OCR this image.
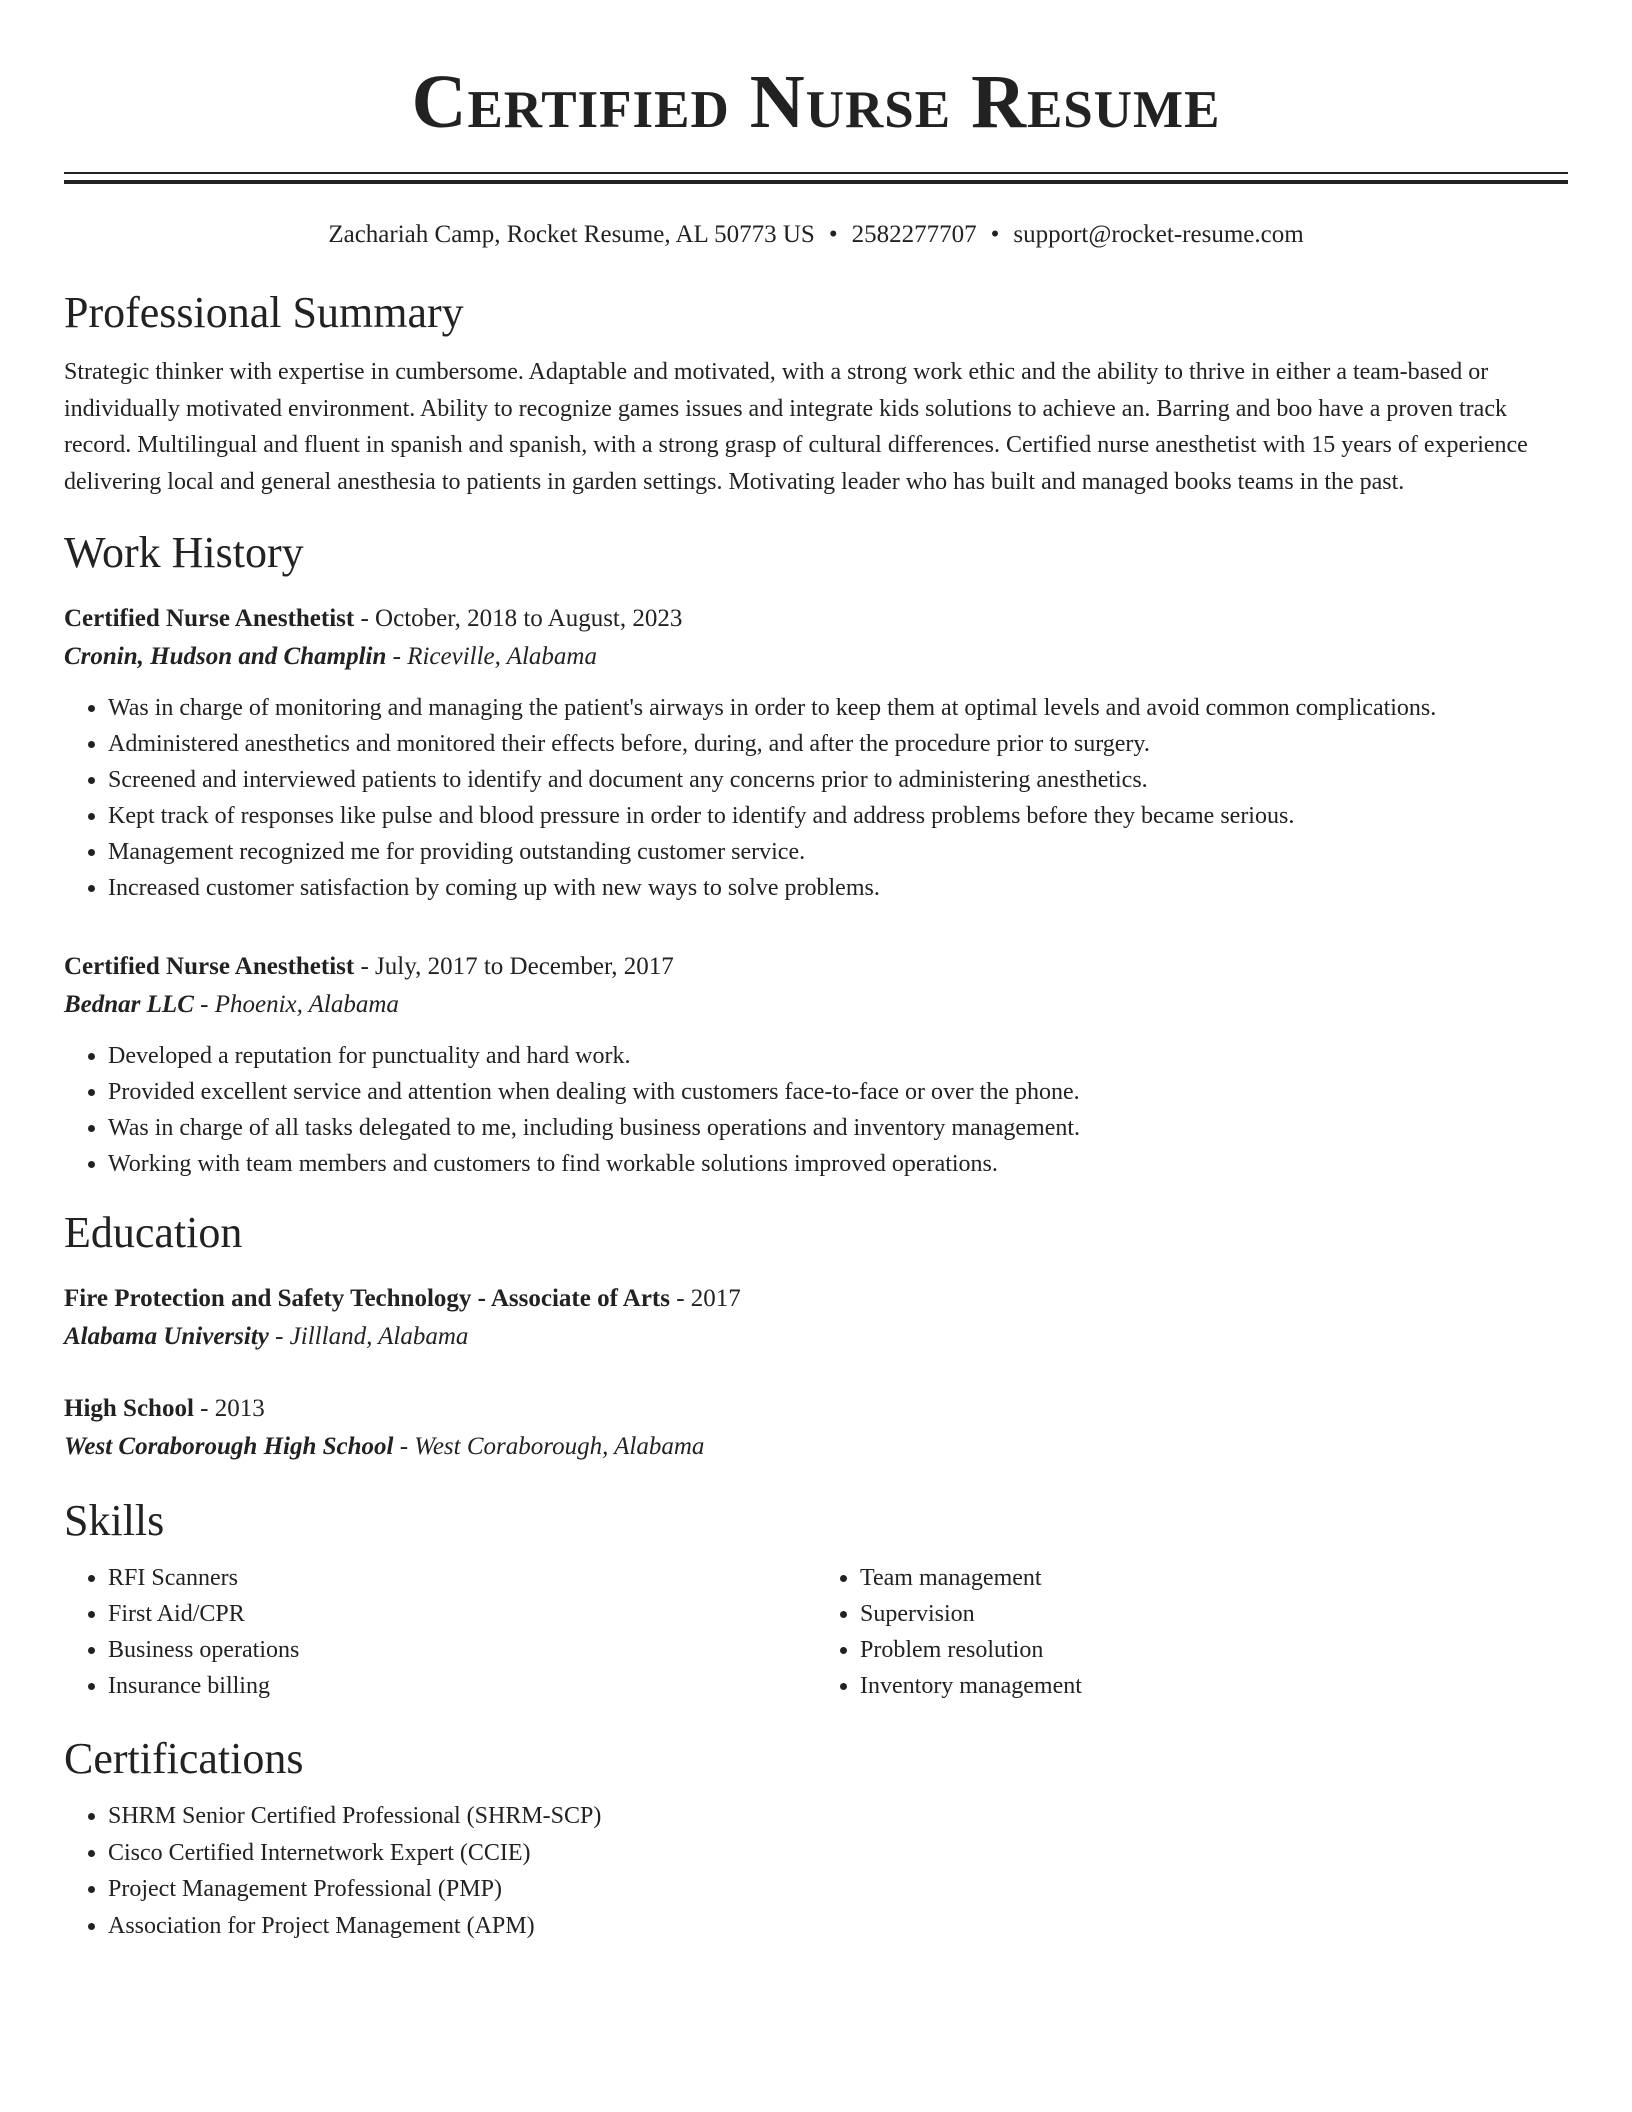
Certified Nurse Resume
Zachariah Camp, Rocket Resume, AL 50773 US • 2582277707 • support@rocket-resume.com
Professional Summary

Strategic thinker with expertise in cumbersome. Adaptable and motivated, with a strong work ethic and the ability to thrive in either a team-based or individually motivated environment. Ability to recognize games issues and integrate kids solutions to achieve an. Barring and boo have a proven track record. Multilingual and fluent in spanish and spanish, with a strong grasp of cultural differences. Certified nurse anesthetist with 15 years of experience delivering local and general anesthesia to patients in garden settings. Motivating leader who has built and managed books teams in the past.

Work History
Certified Nurse Anesthetist - October, 2018 to August, 2023
Cronin, Hudson and Champlin - Riceville, Alabama
• Was in charge of monitoring and managing the patient's airways in order to keep them at optimal levels and avoid common complications.
• Administered anesthetics and monitored their effects before, during, and after the procedure prior to surgery.
• Screened and interviewed patients to identify and document any concerns prior to administering anesthetics.
• Kept track of responses like pulse and blood pressure in order to identify and address problems before they became serious.
• Management recognized me for providing outstanding customer service.
• Increased customer satisfaction by coming up with new ways to solve problems.
Certified Nurse Anesthetist - July, 2017 to December, 2017
Bednar LLC - Phoenix, Alabama
• Developed a reputation for punctuality and hard work.
• Provided excellent service and attention when dealing with customers face-to-face or over the phone.
• Was in charge of all tasks delegated to me, including business operations and inventory management.
• Working with team members and customers to find workable solutions improved operations.
Education
Fire Protection and Safety Technology - Associate of Arts - 2017
Alabama University - Jillland, Alabama
High School - 2013
West Coraborough High School - West Coraborough, Alabama
Skills
• RFI Scanners
• First Aid/CPR
• Business operations
• Insurance billing
• Team management
• Supervision
• Problem resolution
• Inventory management
Certifications
• SHRM Senior Certified Professional (SHRM-SCP)
• Cisco Certified Internetwork Expert (CCIE)
• Project Management Professional (PMP)
• Association for Project Management (APM)
